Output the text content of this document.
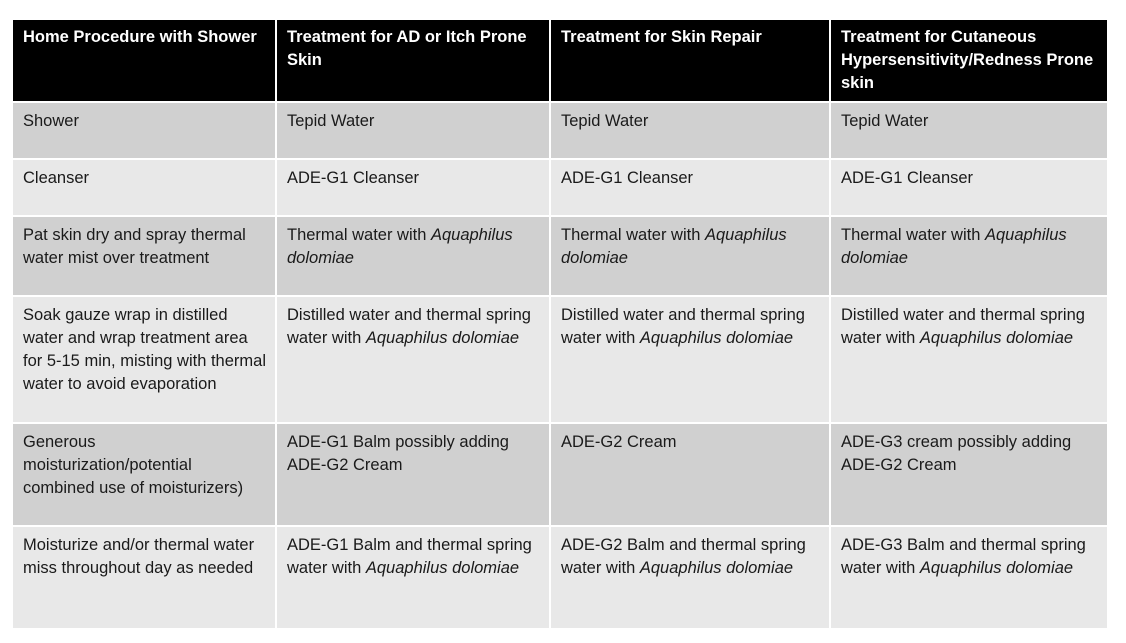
Home Procedure with Shower	Treatment for AD or Itch Prone Skin	Treatment for Skin Repair	Treatment for Cutaneous Hypersensitivity/Redness Prone skin
Shower	Tepid Water	Tepid Water	Tepid Water
Cleanser	ADE-G1 Cleanser	ADE-G1 Cleanser	ADE-G1 Cleanser
Pat skin dry and spray thermal water mist over treatment	Thermal water with Aquaphilus dolomiae	Thermal water with Aquaphilus dolomiae	Thermal water with Aquaphilus dolomiae
Soak gauze wrap in distilled water and wrap treatment area for 5-15 min, misting with thermal water to avoid evaporation	Distilled water and thermal spring water with Aquaphilus dolomiae	Distilled water and thermal spring water with Aquaphilus dolomiae	Distilled water and thermal spring water with Aquaphilus dolomiae
Generous moisturization/potential combined use of moisturizers)	ADE-G1 Balm possibly adding ADE-G2 Cream	ADE-G2 Cream	ADE-G3 cream possibly adding ADE-G2 Cream
Moisturize and/or thermal water miss throughout day as needed	ADE-G1 Balm and thermal spring water with Aquaphilus dolomiae	ADE-G2 Balm and thermal spring water with Aquaphilus dolomiae	ADE-G3 Balm and thermal spring water with Aquaphilus dolomiae
